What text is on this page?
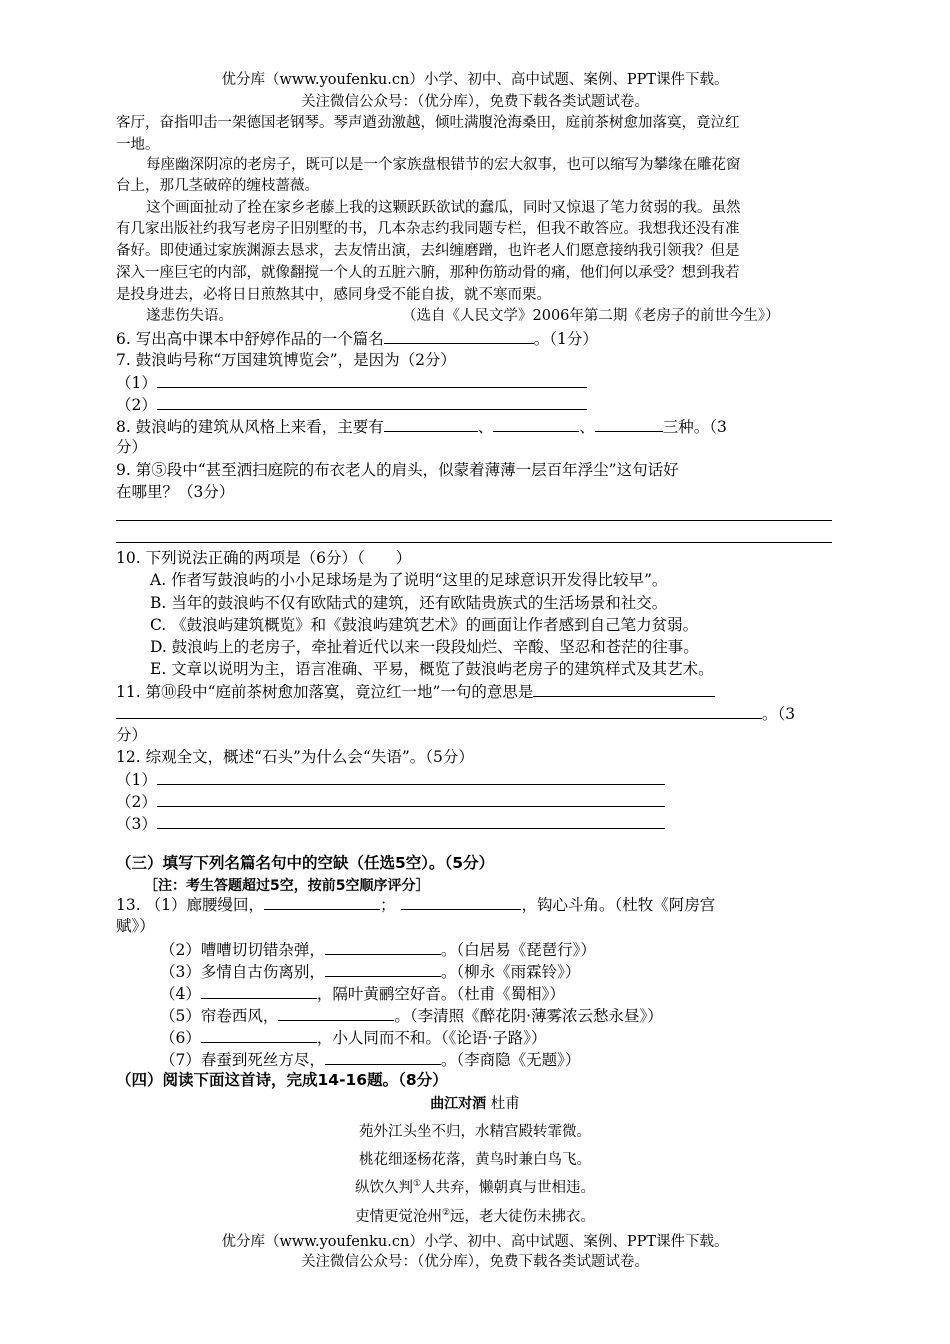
优分库（www.youfenku.cn）小学、初中、高中试题、案例、PPT课件下载。
关注微信公众号：（优分库），免费下载各类试题试卷。
客厅，奋指叩击一架德国老钢琴。琴声遒劲激越，倾吐满腹沧海桑田，庭前茶树愈加落寞，竟泣红
一地。
每座幽深阴凉的老房子，既可以是一个家族盘根错节的宏大叙事，也可以缩写为攀缘在雕花窗
台上，那几茎破碎的缠枝蔷薇。
这个画面扯动了拴在家乡老藤上我的这颗跃跃欲试的蠢瓜，同时又惊退了笔力贫弱的我。虽然
有几家出版社约我写老房子旧别墅的书，几本杂志约我同题专栏，但我不敢答应。我想我还没有准
备好。即使通过家族渊源去恳求，去友情出演，去纠缠磨蹭，也许老人们愿意接纳我引领我？但是
深入一座巨宅的内部，就像翻搅一个人的五脏六腑，那种伤筋动骨的痛，他们何以承受？想到我若
是投身进去，必将日日煎熬其中，感同身受不能自拔，就不寒而栗。
遂悲伤失语。	（选自《人民文学》2006年第二期《老房子的前世今生》）
6. 写出高中课本中舒婷作品的一个篇名	。（1分）
7. 鼓浪屿号称“万国建筑博览会”，是因为（2分）
（1）
（2）
8. 鼓浪屿的建筑从风格上来看，主要有	、	、	三种。（3
分）
9. 第⑤段中“甚至洒扫庭院的布衣老人的肩头，似蒙着薄薄一层百年浮尘”这句话好
在哪里？（3分）
10. 下列说法正确的两项是（6分）（　　）
A. 作者写鼓浪屿的小小足球场是为了说明“这里的足球意识开发得比较早”。
B. 当年的鼓浪屿不仅有欧陆式的建筑，还有欧陆贵族式的生活场景和社交。
C. 《鼓浪屿建筑概览》和《鼓浪屿建筑艺术》的画面让作者感到自己笔力贫弱。
D. 鼓浪屿上的老房子，牵扯着近代以来一段段灿烂、辛酸、坚忍和苍茫的往事。
E. 文章以说明为主，语言准确、平易，概览了鼓浪屿老房子的建筑样式及其艺术。
11. 第⑩段中“庭前茶树愈加落寞，竟泣红一地”一句的意思是
。（3
分）
12. 综观全文，概述“石头”为什么会“失语”。（5分）
（1）
（2）
（3）
（三）填写下列名篇名句中的空缺（任选5空）。（5分）
［注：考生答题超过5空，按前5空顺序评分］
13. （1）廊腰缦回，	；	，钩心斗角。（杜牧《阿房宫
赋》）
（2）嘈嘈切切错杂弹，	。（白居易《琵琶行》）
（3）多情自古伤离别，	。（柳永《雨霖铃》）
（4）	，隔叶黄鹂空好音。（杜甫《蜀相》）
（5）帘卷西风，	。（李清照《醉花阴·薄雾浓云愁永昼》）
（6）	，小人同而不和。（《论语·子路》）
（7）春蚕到死丝方尽，	。（李商隐《无题》）
（四）阅读下面这首诗，完成14-16题。（8分）
曲江对酒 杜甫
苑外江头坐不归，水精宫殿转霏微。
桃花细逐杨花落，黄鸟时兼白鸟飞。
纵饮久判①人共弃，懒朝真与世相违。
吏情更觉沧州②远，老大徒伤未拂衣。
优分库（www.youfenku.cn）小学、初中、高中试题、案例、PPT课件下载。
关注微信公众号：（优分库），免费下载各类试题试卷。
